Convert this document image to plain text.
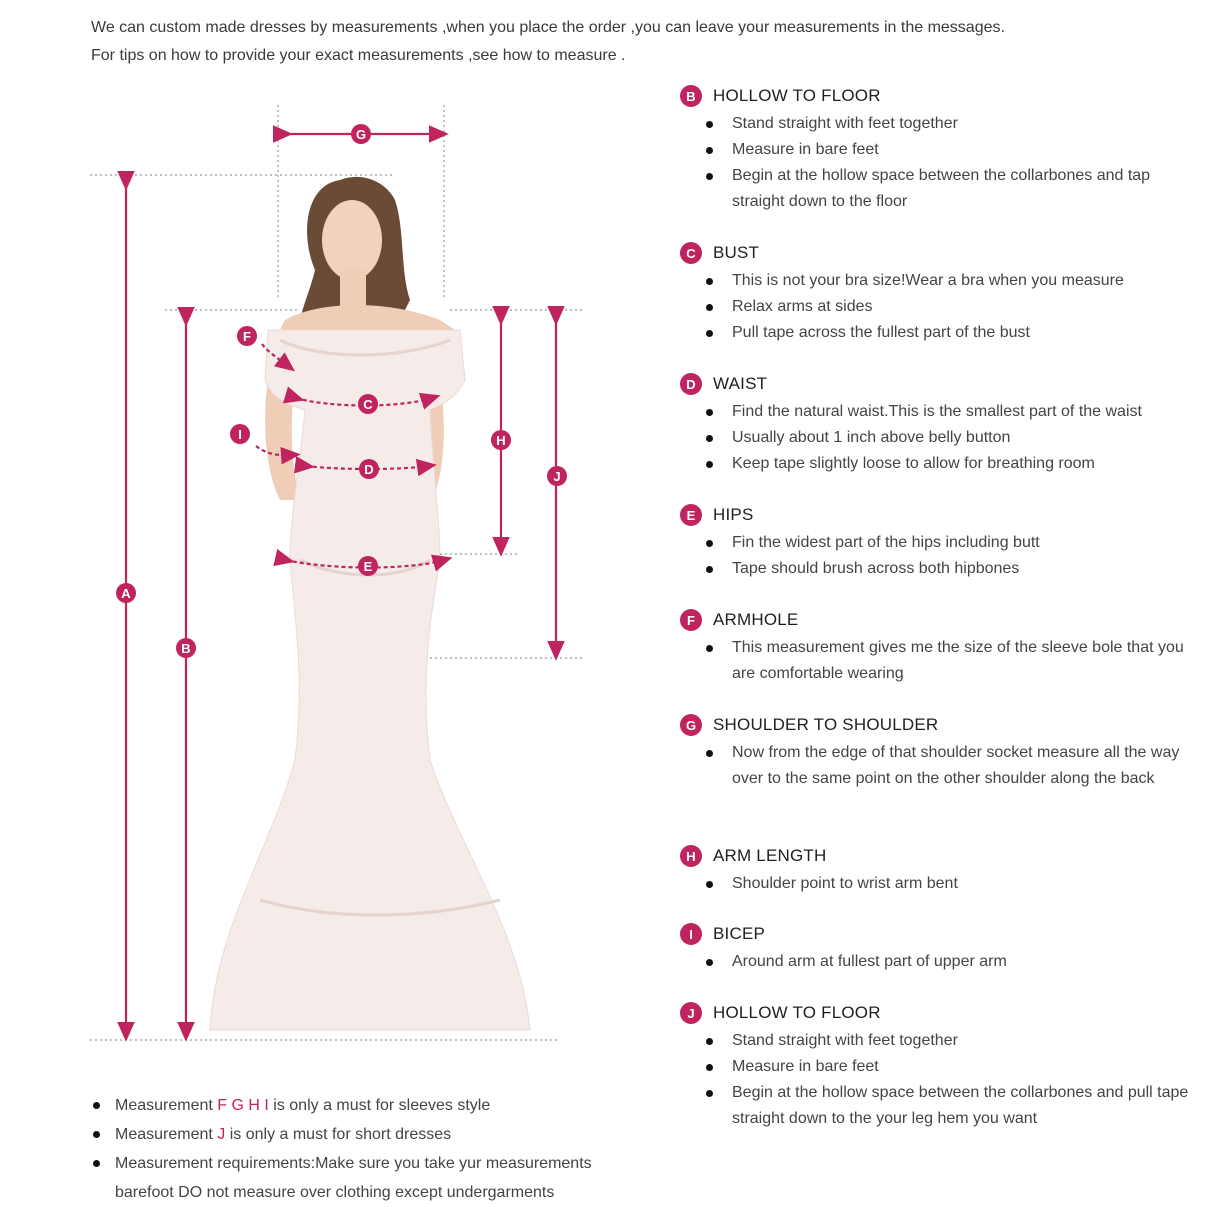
We can custom made dresses by measurements ,when you place the order ,you can leave your measurements in the messages.
For tips on how to provide your exact measurements ,see how to measure .
A
B
C
D
E
F
G
H
I
J
B	HOLLOW TO FLOOR
Stand straight with feet together
Measure in bare feet
Begin at the hollow space between the collarbones and tap straight down to the floor
C	BUST
This is not your bra size!Wear a bra when you measure
Relax arms at sides
Pull tape across the fullest part of the bust
D	WAIST
Find the natural waist.This is the smallest part of the waist
Usually about 1 inch above belly button
Keep tape slightly loose to allow for breathing room
E	HIPS
Fin the widest part of the hips including butt
Tape should brush across both hipbones
F	ARMHOLE
This measurement gives me the size of the sleeve bole that you are comfortable wearing
G SHOULDER TO SHOULDER
Now from the edge of that shoulder socket measure all the way over to the same point on the other shoulder along the back
H	ARM LENGTH
Shoulder point to wrist arm bent
I	BICEP
Around arm at fullest part of upper arm
J	HOLLOW TO FLOOR
Stand straight with feet together
Measure in bare feet
Begin at the hollow space between the collarbones and pull tape straight down to the your leg hem you want
Measurement F G H I is only a must for sleeves style
Measurement J is only a must for short dresses
Measurement requirements:Make sure you take yur measurements barefoot DO not measure over clothing except undergarments
